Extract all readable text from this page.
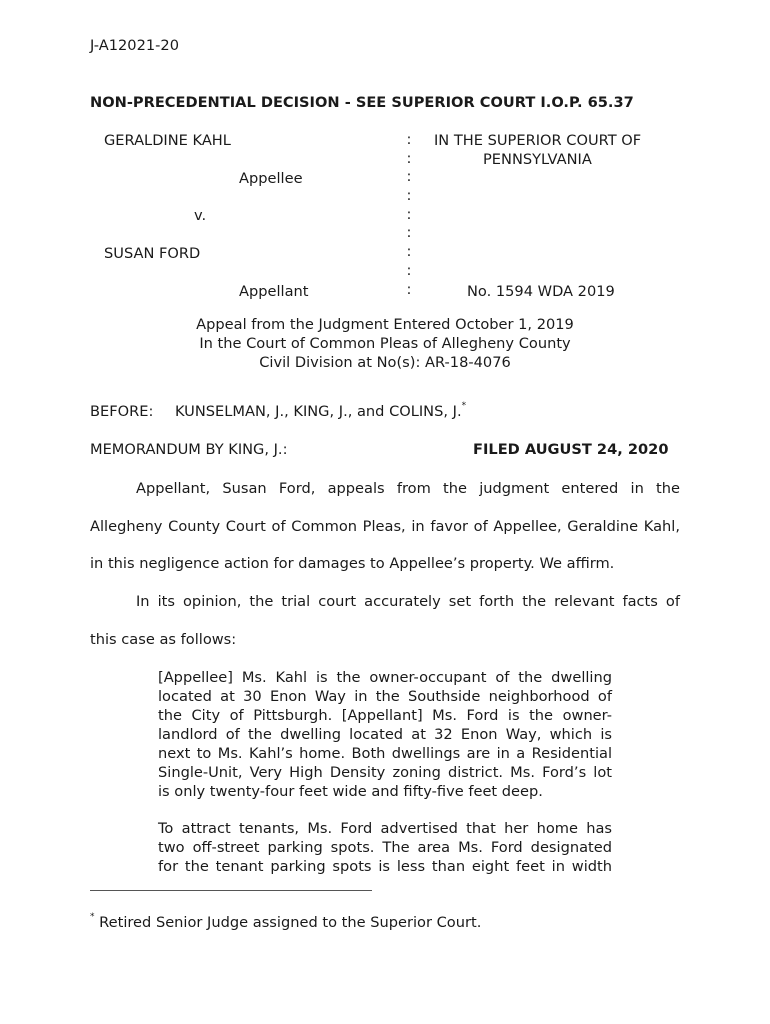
J-A12021-20
NON-PRECEDENTIAL DECISION - SEE SUPERIOR COURT I.O.P. 65.37
GERALDINE KAHL
Appellee
v.
SUSAN FORD
Appellant
:
:
:
:
:
:
:
:
:
IN THE SUPERIOR COURT OF
PENNSYLVANIA
No. 1594 WDA 2019
Appeal from the Judgment Entered October 1, 2019
In the Court of Common Pleas of Allegheny County
Civil Division at No(s): AR-18-4076
BEFORE: KUNSELMAN, J., KING, J., and COLINS, J.*
MEMORANDUM BY KING, J.:	FILED AUGUST 24, 2020
Appellant, Susan Ford, appeals from the judgment entered in the
Allegheny County Court of Common Pleas, in favor of Appellee, Geraldine Kahl,
in this negligence action for damages to Appellee’s property. We affirm.
In its opinion, the trial court accurately set forth the relevant facts of
this case as follows:
[Appellee] Ms. Kahl is the owner-occupant of the dwelling
located at 30 Enon Way in the Southside neighborhood of
the City of Pittsburgh. [Appellant] Ms. Ford is the owner-
landlord of the dwelling located at 32 Enon Way, which is
next to Ms. Kahl’s home. Both dwellings are in a Residential
Single-Unit, Very High Density zoning district. Ms. Ford’s lot
is only twenty-four feet wide and fifty-five feet deep.
To attract tenants, Ms. Ford advertised that her home has
two off-street parking spots. The area Ms. Ford designated
for the tenant parking spots is less than eight feet in width
* Retired Senior Judge assigned to the Superior Court.
